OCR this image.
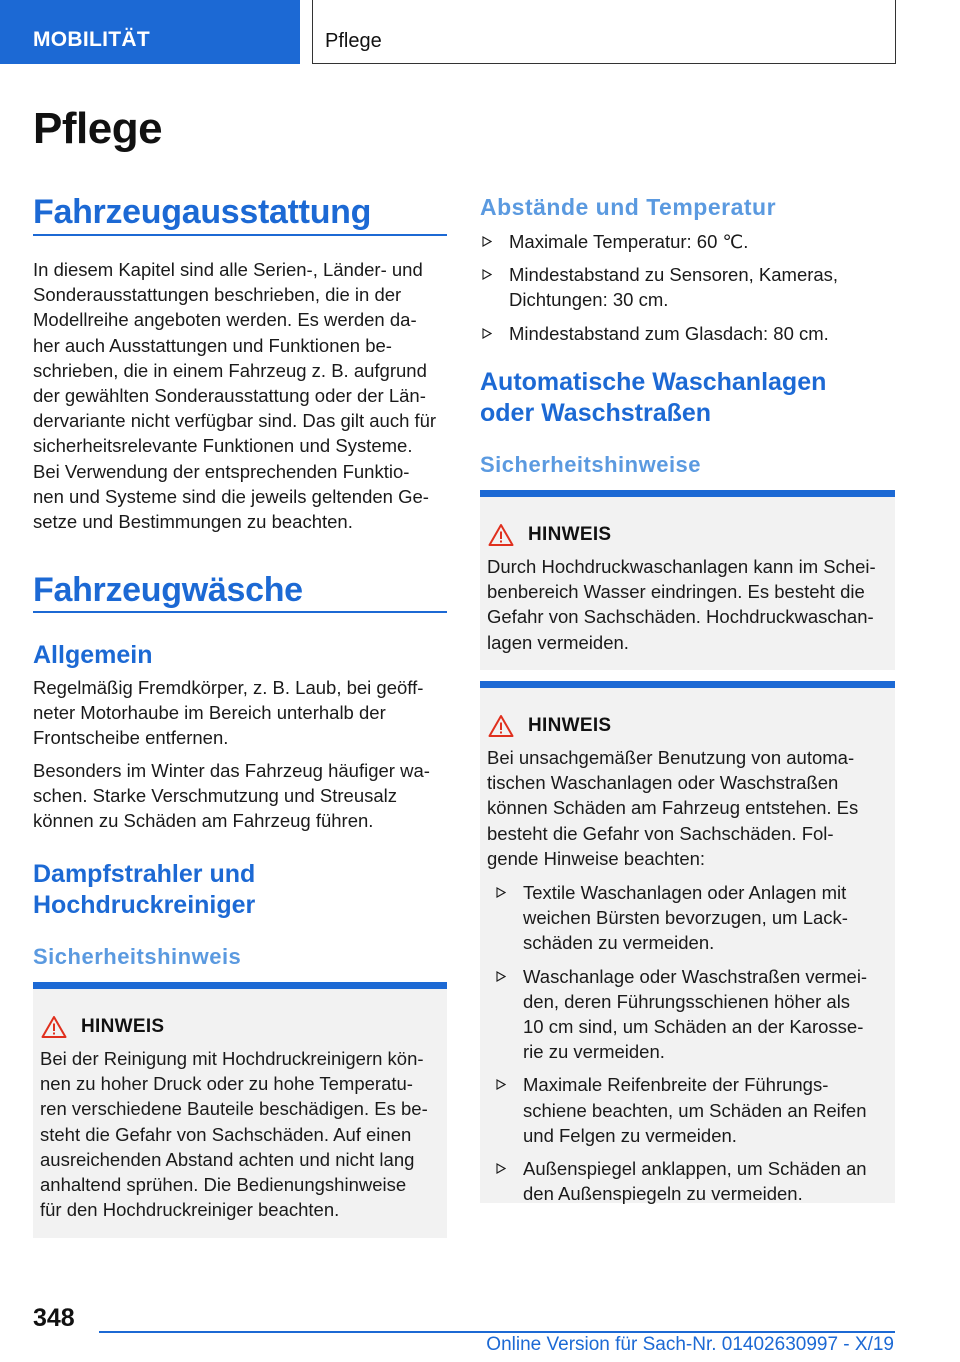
MOBILITÄT	Pflege
Pflege
Fahrzeugausstattung
In diesem Kapitel sind alle Serien-, Länder- und
Sonderausstattungen beschrieben, die in der
Modellreihe angeboten werden. Es werden da-
her auch Ausstattungen und Funktionen be-
schrieben, die in einem Fahrzeug z. B. aufgrund
der gewählten Sonderausstattung oder der Län-
dervariante nicht verfügbar sind. Das gilt auch für
sicherheitsrelevante Funktionen und Systeme.
Bei Verwendung der entsprechenden Funktio-
nen und Systeme sind die jeweils geltenden Ge-
setze und Bestimmungen zu beachten.
Fahrzeugwäsche
Allgemein
Regelmäßig Fremdkörper, z. B. Laub, bei geöff-
neter Motorhaube im Bereich unterhalb der
Frontscheibe entfernen.
Besonders im Winter das Fahrzeug häufiger wa-
schen. Starke Verschmutzung und Streusalz
können zu Schäden am Fahrzeug führen.
Dampfstrahler und
Hochdruckreiniger
Sicherheitshinweis
HINWEIS
Bei der Reinigung mit Hochdruckreinigern kön-
nen zu hoher Druck oder zu hohe Temperatu-
ren verschiedene Bauteile beschädigen. Es be-
steht die Gefahr von Sachschäden. Auf einen
ausreichenden Abstand achten und nicht lang
anhaltend sprühen. Die Bedienungshinweise
für den Hochdruckreiniger beachten.
Abstände und Temperatur
Maximale Temperatur: 60 ℃.
Mindestabstand zu Sensoren, Kameras,
Dichtungen: 30 cm.
Mindestabstand zum Glasdach: 80 cm.
Automatische Waschanlagen
oder Waschstraßen
Sicherheitshinweise
HINWEIS
Durch Hochdruckwaschanlagen kann im Schei-
benbereich Wasser eindringen. Es besteht die
Gefahr von Sachschäden. Hochdruckwaschan-
lagen vermeiden.
HINWEIS
Bei unsachgemäßer Benutzung von automa-
tischen Waschanlagen oder Waschstraßen
können Schäden am Fahrzeug entstehen. Es
besteht die Gefahr von Sachschäden. Fol-
gende Hinweise beachten:
Textile Waschanlagen oder Anlagen mit
weichen Bürsten bevorzugen, um Lack-
schäden zu vermeiden.
Waschanlage oder Waschstraßen vermei-
den, deren Führungsschienen höher als
10 cm sind, um Schäden an der Karosse-
rie zu vermeiden.
Maximale Reifenbreite der Führungs-
schiene beachten, um Schäden an Reifen
und Felgen zu vermeiden.
Außenspiegel anklappen, um Schäden an
den Außenspiegeln zu vermeiden.
348
Online Version für Sach-Nr. 01402630997 - X/19
